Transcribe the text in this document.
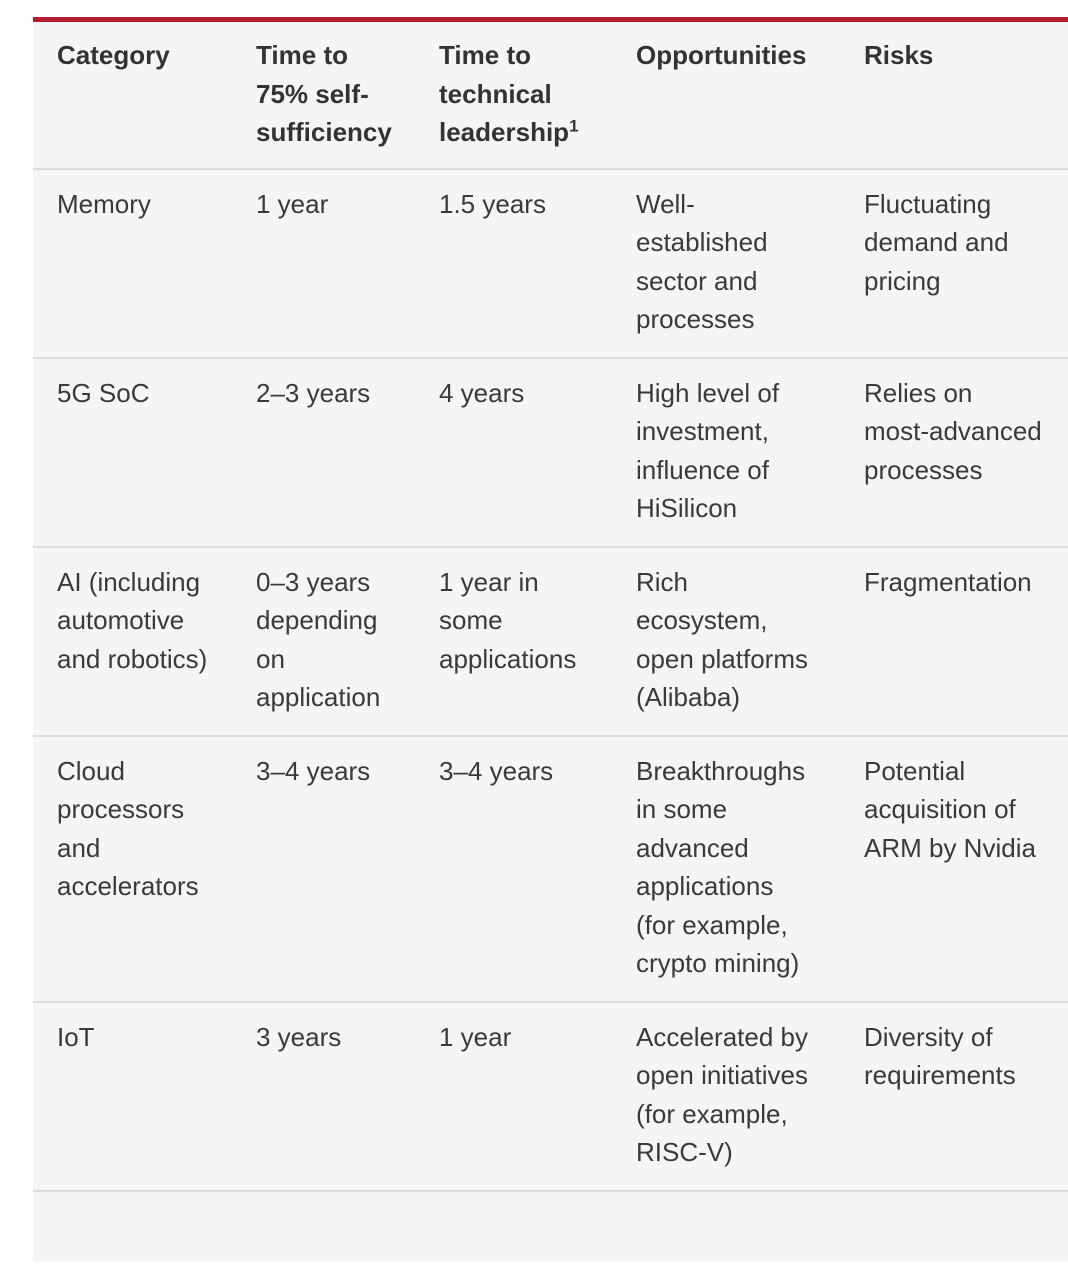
Category	Time to 75% self-sufficiency	Time to technical leadership$^1$	Opportunities	Risks
Memory	1 year	1.5 years	Well-established sector and processes	Fluctuating demand and pricing
5G SoC	2–3 years	4 years	High level of investment, influence of HiSilicon	Relies on most-advanced processes
AI (including automotive and robotics)	0–3 years depending on application	1 year in some applications	Rich ecosystem, open platforms (Alibaba)	Fragmentation
Cloud processors and accelerators	3–4 years	3–4 years	Breakthroughs in some advanced applications (for example, crypto mining)	Potential acquisition of ARM by Nvidia
IoT	3 years	1 year	Accelerated by open initiatives (for example, RISC-V)	Diversity of requirements
